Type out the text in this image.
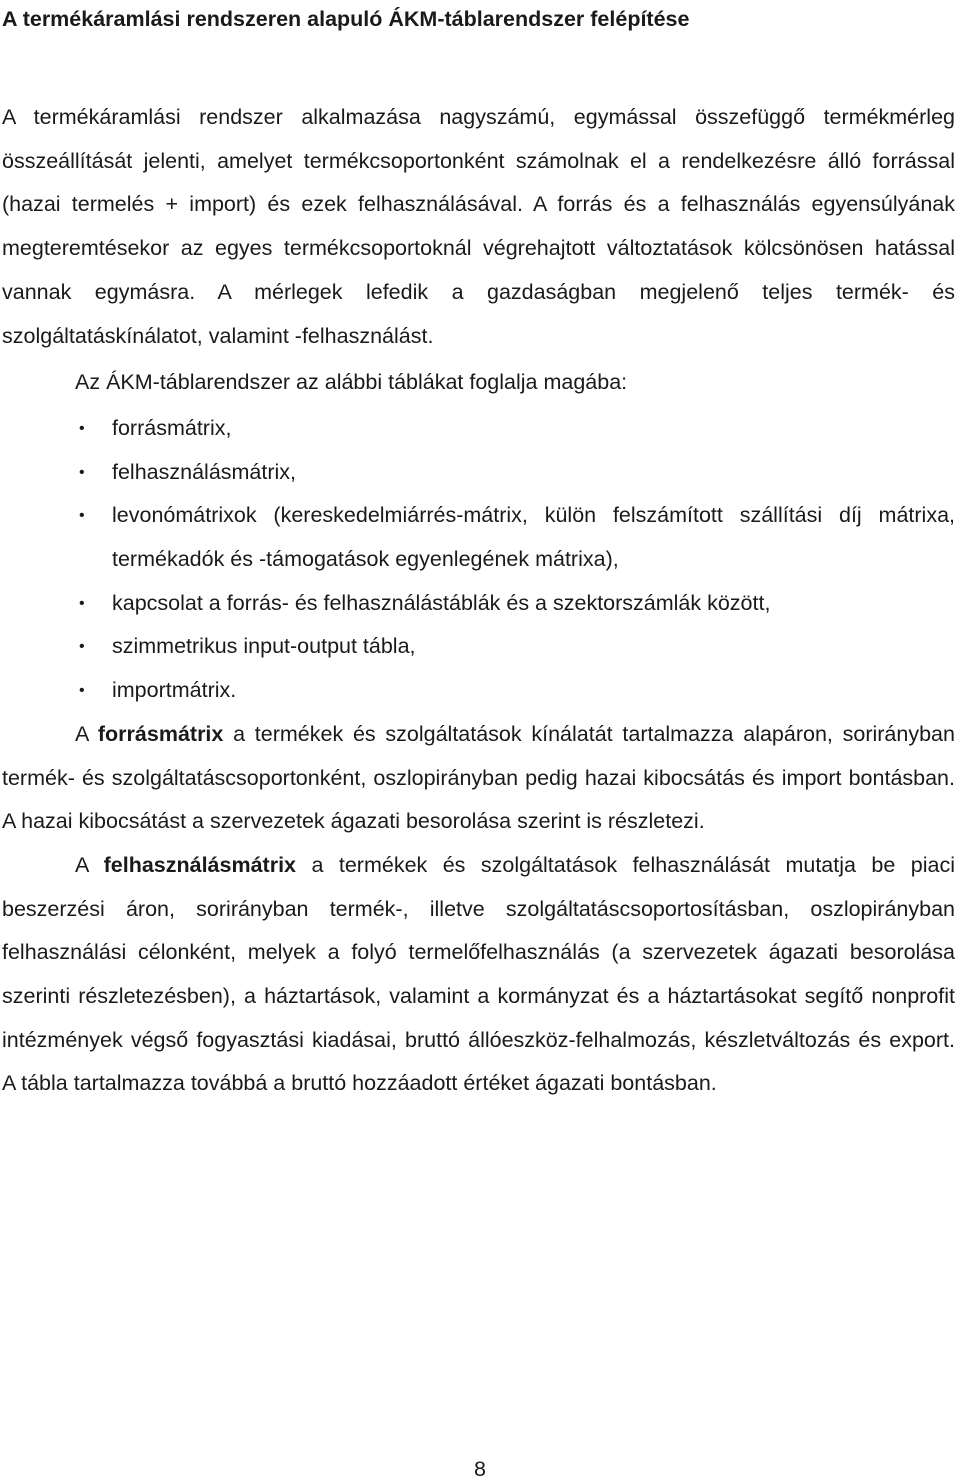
A termékáramlási rendszeren alapuló ÁKM-táblarendszer felépítése

A termékáramlási rendszer alkalmazása nagyszámú, egymással összefüggő termékmérleg összeállítását jelenti, amelyet termékcsoportonként számolnak el a rendelkezésre álló forrással (hazai termelés + import) és ezek felhasználásával. A forrás és a felhasználás egyensúlyának megteremtésekor az egyes termékcsoportoknál végrehajtott változtatások kölcsönösen hatással vannak egymásra. A mérlegek lefedik a gazdaságban megjelenő teljes termék- és szolgáltatáskínálatot, valamint -felhasználást.

Az ÁKM-táblarendszer az alábbi táblákat foglalja magába:

• forrásmátrix,
• felhasználásmátrix,
• levonómátrixok (kereskedelmiárrés-mátrix, külön felszámított szállítási díj mátrixa, termékadók és -támogatások egyenlegének mátrixa),
• kapcsolat a forrás- és felhasználástáblák és a szektorszámlák között,
• szimmetrikus input-output tábla,
• importmátrix.

A forrásmátrix a termékek és szolgáltatások kínálatát tartalmazza alapáron, sorirányban termék- és szolgáltatáscsoportonként, oszlopirányban pedig hazai kibocsátás és import bontásban. A hazai kibocsátást a szervezetek ágazati besorolása szerint is részletezi.

A felhasználásmátrix a termékek és szolgáltatások felhasználását mutatja be piaci beszerzési áron, sorirányban termék-, illetve szolgáltatáscsoportosításban, oszlopirányban felhasználási célonként, melyek a folyó termelőfelhasználás (a szervezetek ágazati besorolása szerinti részletezésben), a háztartások, valamint a kormányzat és a háztartásokat segítő nonprofit intézmények végső fogyasztási kiadásai, bruttó állóeszköz-felhalmozás, készletváltozás és export. A tábla tartalmazza továbbá a bruttó hozzáadott értéket ágazati bontásban.

8
